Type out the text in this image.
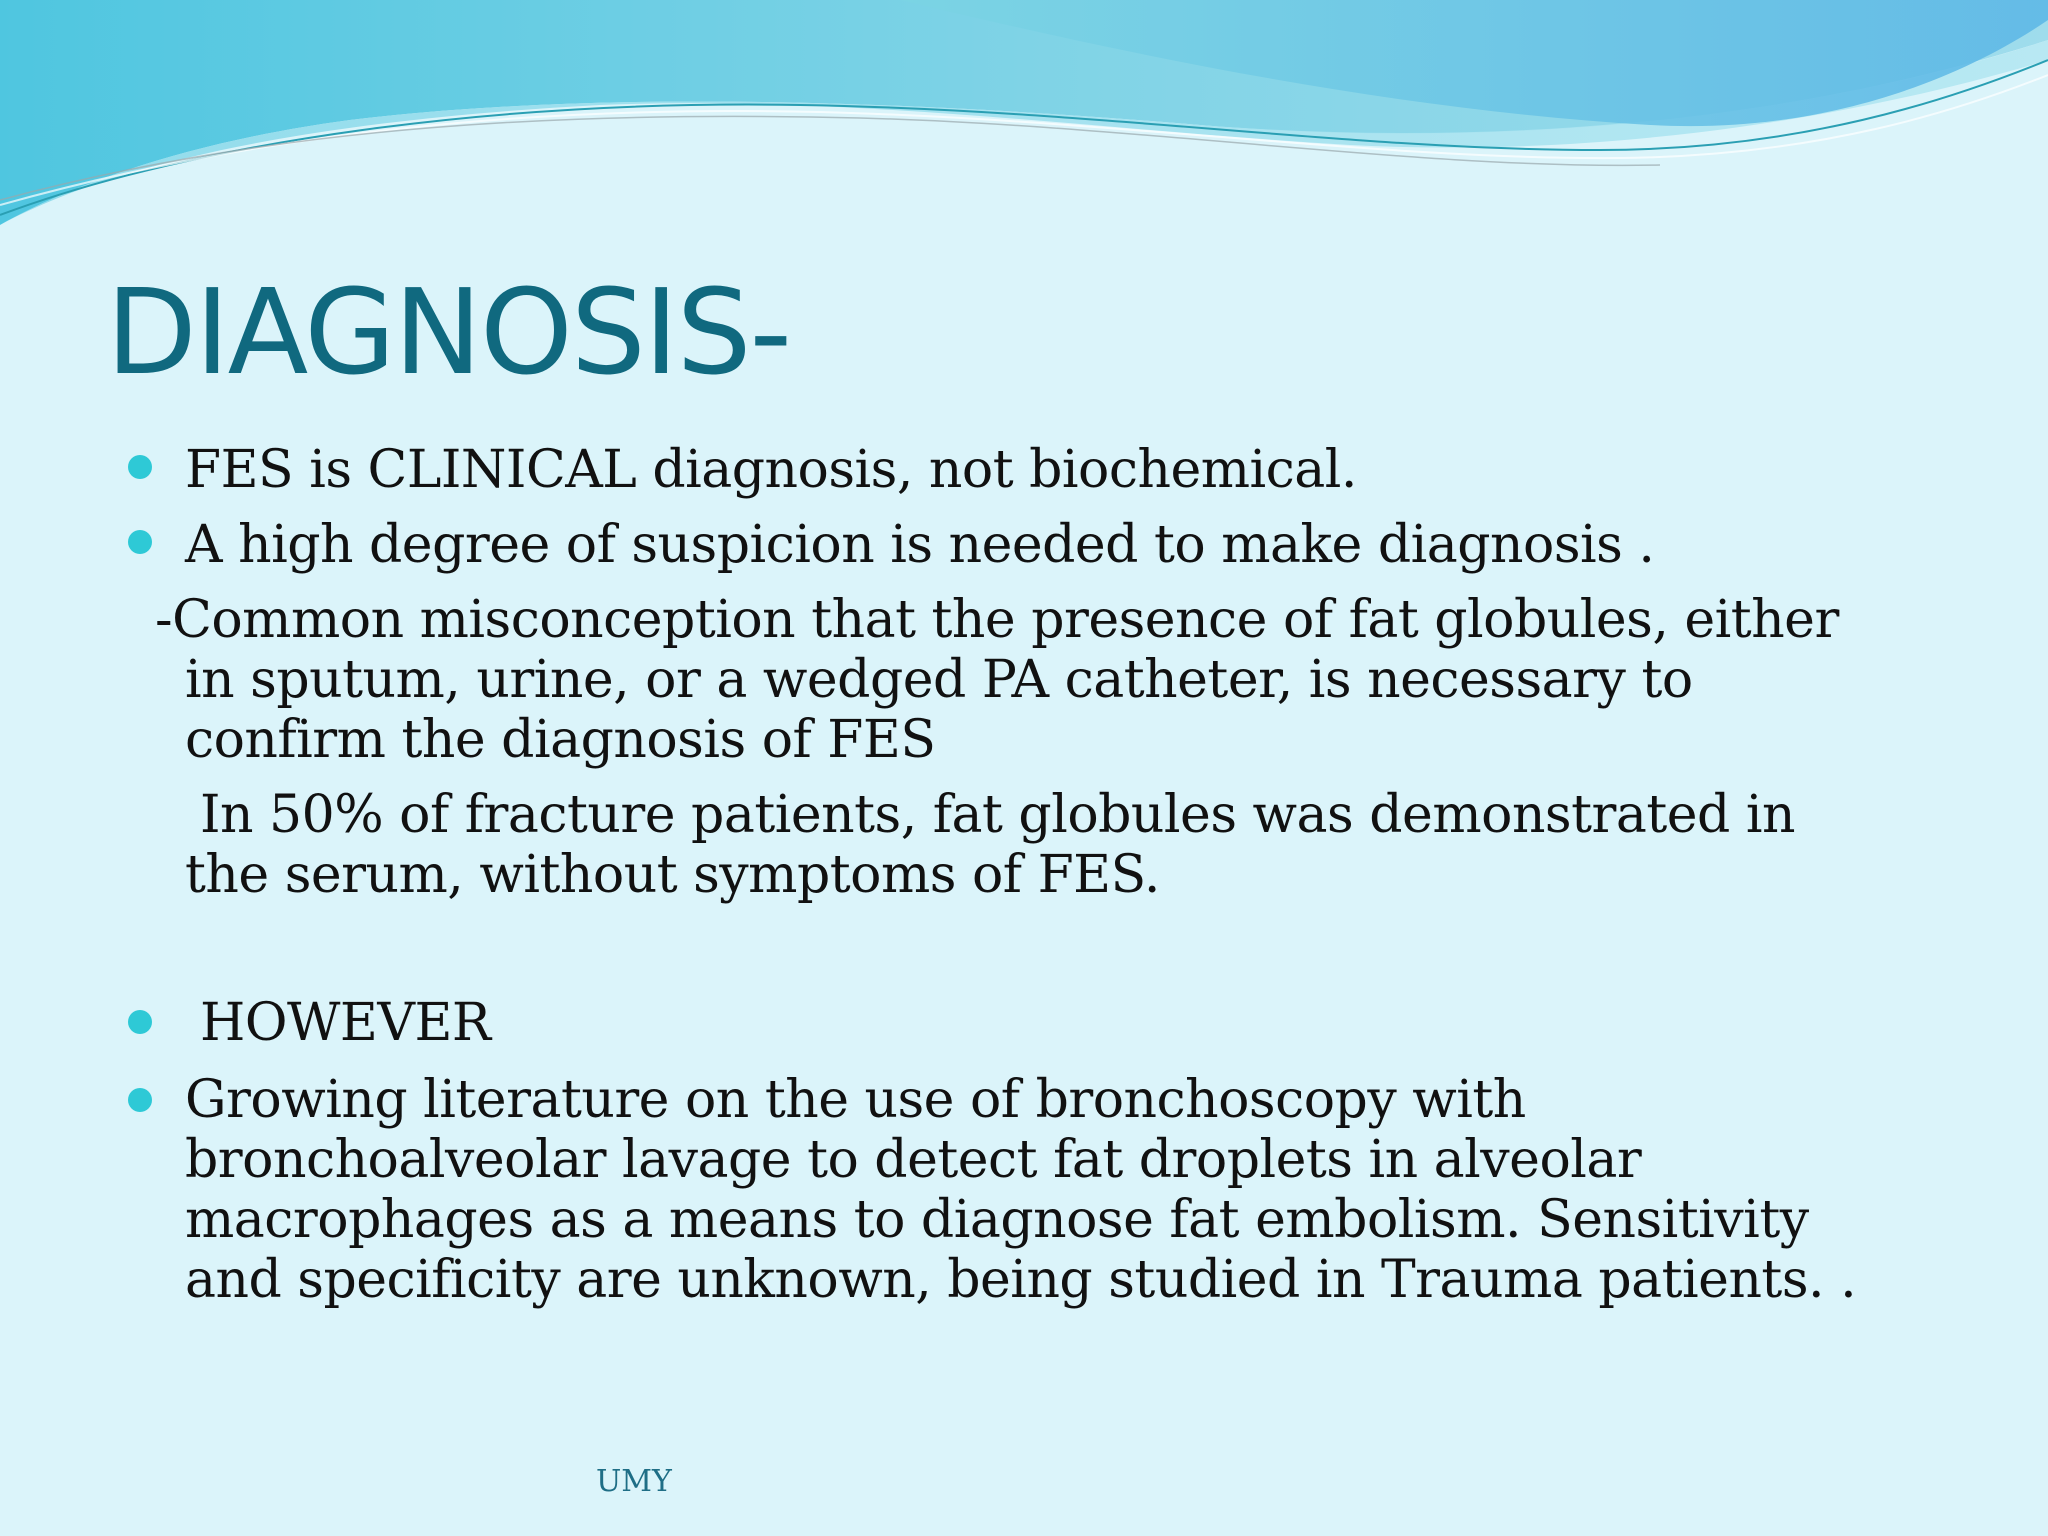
DIAGNOSIS-
FES is CLINICAL diagnosis, not biochemical.
A high degree of suspicion is needed to make diagnosis .
-Common misconception that the presence of fat globules, either
in sputum, urine, or a wedged PA catheter, is necessary to
confirm the diagnosis of FES
In 50% of fracture patients, fat globules was demonstrated in
the serum, without symptoms of FES.
HOWEVER
Growing literature on the use of bronchoscopy with
bronchoalveolar lavage to detect fat droplets in alveolar
macrophages as a means to diagnose fat embolism. Sensitivity
and specificity are unknown, being studied in Trauma patients. .
UMY
